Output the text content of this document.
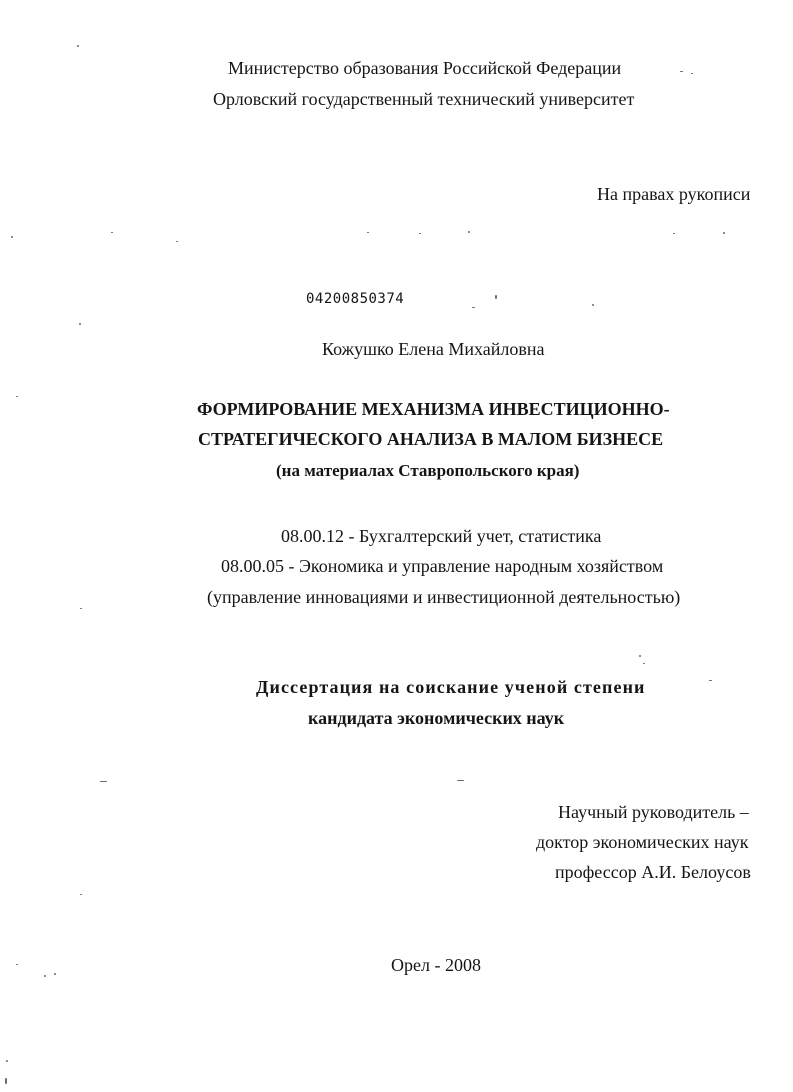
Министерство образования Российской Федерации
Орловский государственный технический университет
На правах рукописи
04200850374
Кожушко Елена Михайловна
ФОРМИРОВАНИЕ МЕХАНИЗМА ИНВЕСТИЦИОННО-
СТРАТЕГИЧЕСКОГО АНАЛИЗА В МАЛОМ БИЗНЕСЕ
(на материалах Ставропольского края)
08.00.12 - Бухгалтерский учет, статистика
08.00.05 - Экономика и управление народным хозяйством
(управление инновациями и инвестиционной деятельностью)
Диссертация на соискание ученой степени
кандидата экономических наук
Научный руководитель –
доктор экономических наук
профессор А.И. Белоусов
Орел - 2008
